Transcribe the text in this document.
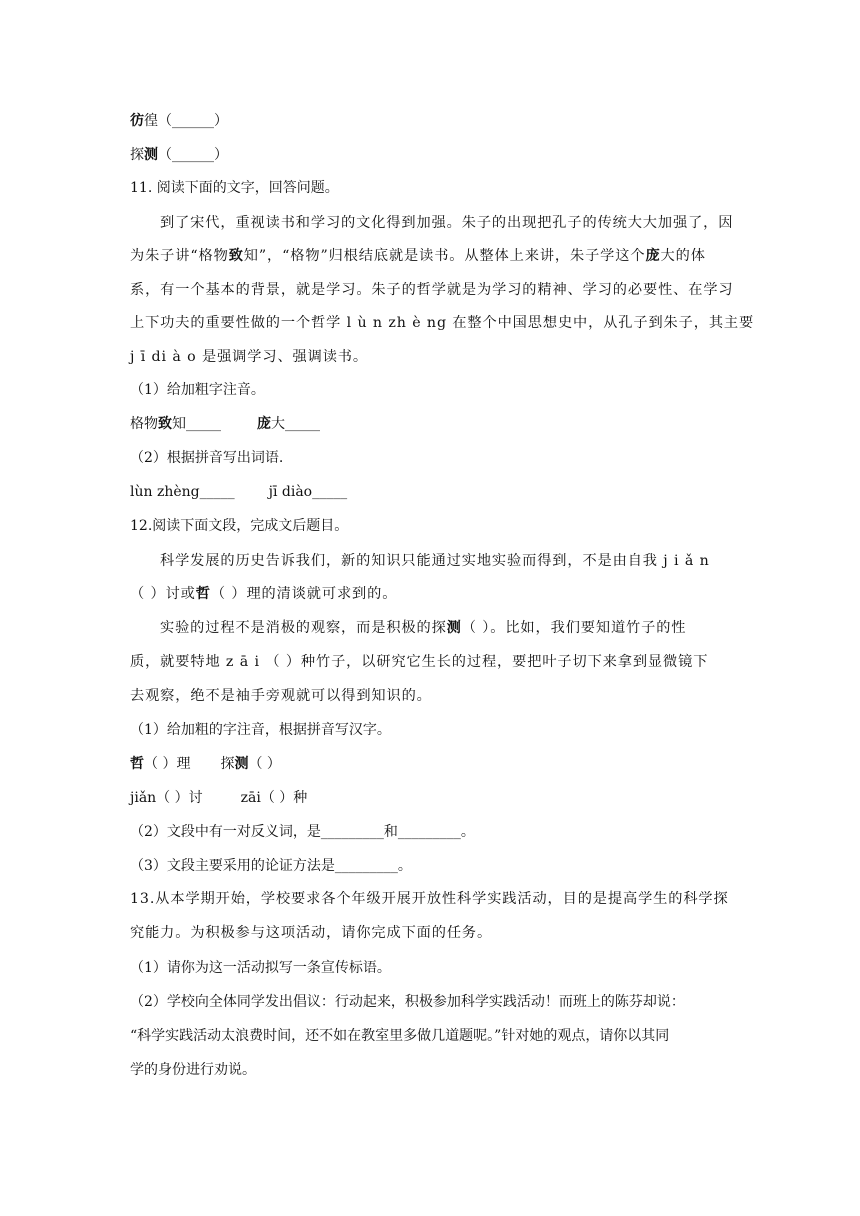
彷徨（______）
探测（______）
11. 阅读下面的文字，回答问题。
到了宋代，重视读书和学习的文化得到加强。朱子的出现把孔子的传统大大加强了，因
为朱子讲“格物致知”，“格物”归根结底就是读书。从整体上来讲，朱子学这个庞大的体
系，有一个基本的背景，就是学习。朱子的哲学就是为学习的精神、学习的必要性、在学习
上下功夫的重要性做的一个哲学 l ù n zh è ng 在整个中国思想史中，从孔子到朱子，其主要
j ī di à o 是强调学习、强调读书。
（1）给加粗字注音。
格物致知_____	庞大_____
（2）根据拼音写出词语.
lùn zhèng_____ jī diào_____
12.阅读下面文段，完成文后题目。
科学发展的历史告诉我们，新的知识只能通过实地实验而得到，不是由自我 j i ǎ n
（ ）讨或哲（ ）理的清谈就可求到的。
实验的过程不是消极的观察，而是积极的探测（ ）。比如，我们要知道竹子的性
质，就要特地 z ā i （ ）种竹子，以研究它生长的过程，要把叶子切下来拿到显微镜下
去观察，绝不是袖手旁观就可以得到知识的。
（1）给加粗的字注音，根据拼音写汉字。
哲（ ）理 探测（ ）
jiǎn（ ）讨	zāi（ ）种
（2）文段中有一对反义词，是_________和_________。
（3）文段主要采用的论证方法是_________。
13.从本学期开始，学校要求各个年级开展开放性科学实践活动，目的是提高学生的科学探
究能力。为积极参与这项活动，请你完成下面的任务。
（1）请你为这一活动拟写一条宣传标语。
（2）学校向全体同学发出倡议：行动起来，积极参加科学实践活动！而班上的陈芬却说：
“科学实践活动太浪费时间，还不如在教室里多做几道题呢。”针对她的观点，请你以其同
学的身份进行劝说。
